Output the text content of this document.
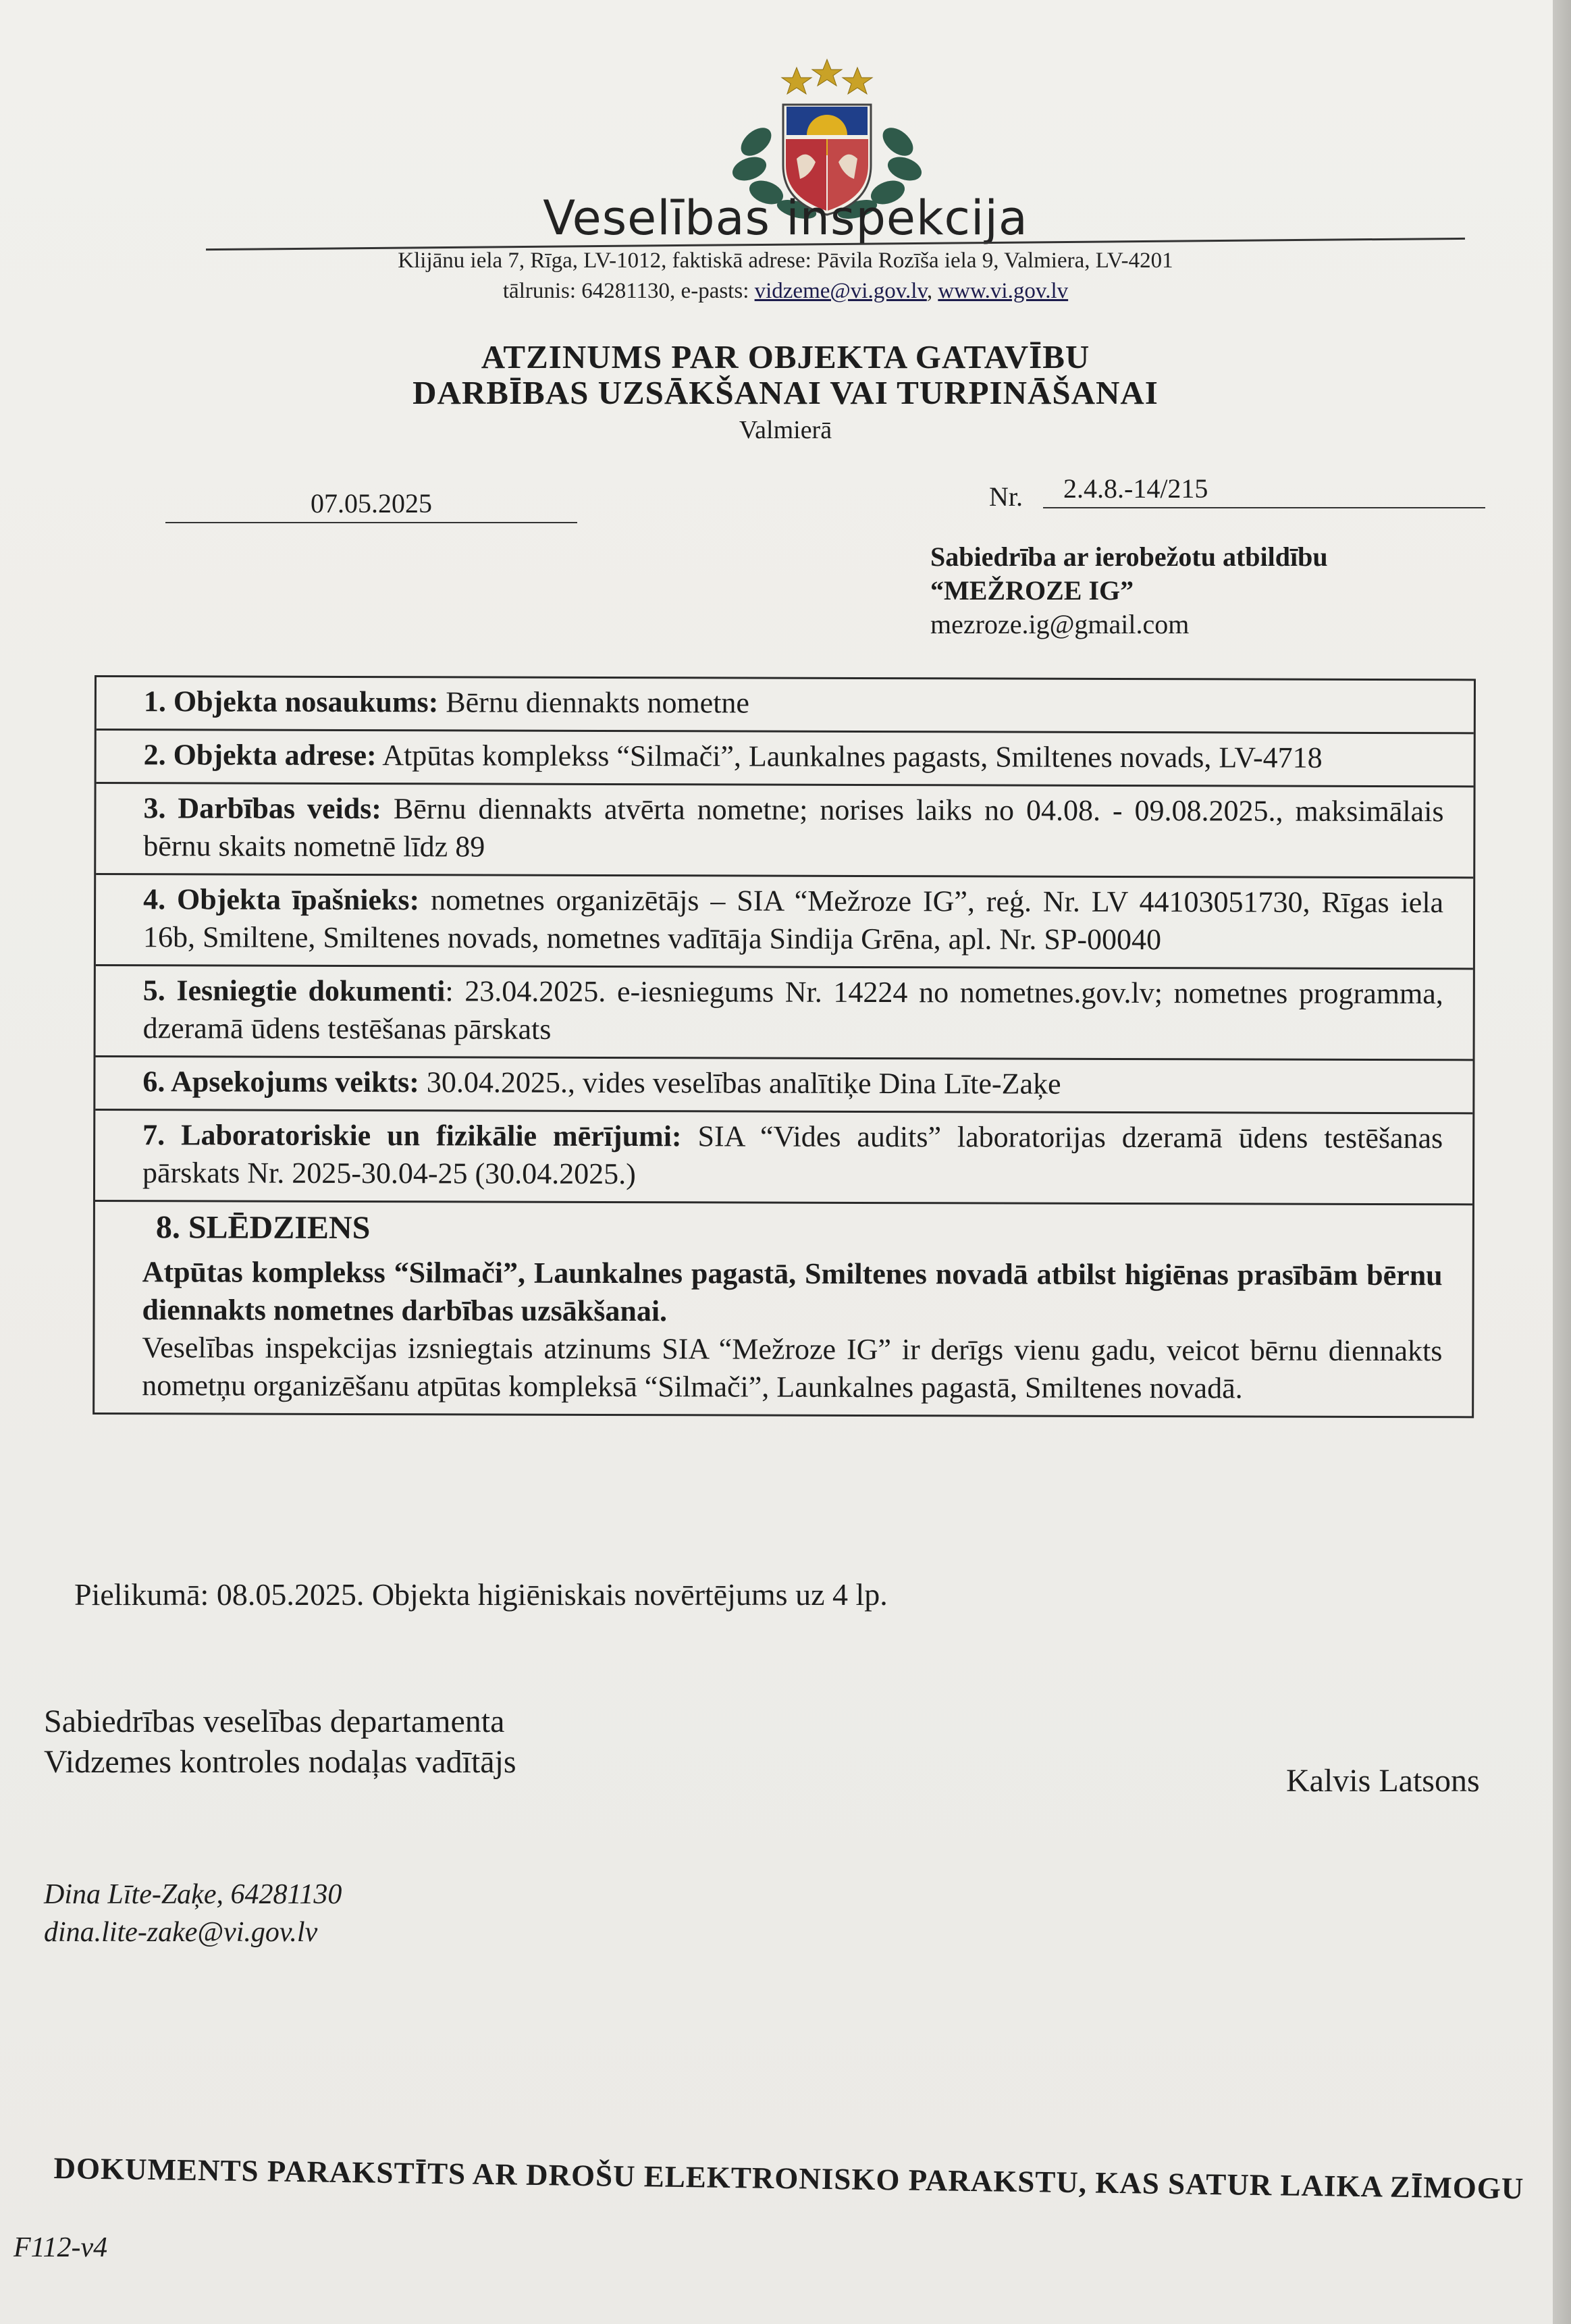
Veselības inspekcija
Klijānu iela 7, Rīga, LV-1012, faktiskā adrese: Pāvila Rozīša iela 9, Valmiera, LV-4201
tālrunis: 64281130, e-pasts: vidzeme@vi.gov.lv, www.vi.gov.lv
ATZINUMS PAR OBJEKTA GATAVĪBU
DARBĪBAS UZSĀKŠANAI VAI TURPINĀŠANAI
Valmierā
07.05.2025	Nr.	2.4.8.-14/215
Sabiedrība ar ierobežotu atbildību
“MEŽROZE IG”
mezroze.ig@gmail.com
1. Objekta nosaukums: Bērnu diennakts nometne
2. Objekta adrese: Atpūtas komplekss “Silmači”, Launkalnes pagasts, Smiltenes novads, LV-4718
3. Darbības veids: Bērnu diennakts atvērta nometne; norises laiks no 04.08. - 09.08.2025., maksimālais bērnu skaits nometnē līdz 89
4. Objekta īpašnieks: nometnes organizētājs – SIA “Mežroze IG”, reģ. Nr. LV 44103051730, Rīgas iela 16b, Smiltene, Smiltenes novads, nometnes vadītāja Sindija Grēna, apl. Nr. SP-00040
5. Iesniegtie dokumenti: 23.04.2025. e-iesniegums Nr. 14224 no nometnes.gov.lv; nometnes programma, dzeramā ūdens testēšanas pārskats
6. Apsekojums veikts: 30.04.2025., vides veselības analītiķe Dina Līte-Zaķe
7. Laboratoriskie un fizikālie mērījumi: SIA “Vides audits” laboratorijas dzeramā ūdens testēšanas pārskats Nr. 2025-30.04-25 (30.04.2025.)
8. SLĒDZIENS
Atpūtas komplekss “Silmači”, Launkalnes pagastā, Smiltenes novadā atbilst higiēnas prasībām bērnu diennakts nometnes darbības uzsākšanai.
Veselības inspekcijas izsniegtais atzinums SIA “Mežroze IG” ir derīgs vienu gadu, veicot bērnu diennakts nometņu organizēšanu atpūtas kompleksā “Silmači”, Launkalnes pagastā, Smiltenes novadā.
Pielikumā: 08.05.2025. Objekta higiēniskais novērtējums uz 4 lp.
Sabiedrības veselības departamenta
Vidzemes kontroles nodaļas vadītājs
Kalvis Latsons
Dina Līte-Zaķe, 64281130
dina.lite-zake@vi.gov.lv
DOKUMENTS PARAKSTĪTS AR DROŠU ELEKTRONISKO PARAKSTU, KAS SATUR LAIKA ZĪMOGU
F112-v4
